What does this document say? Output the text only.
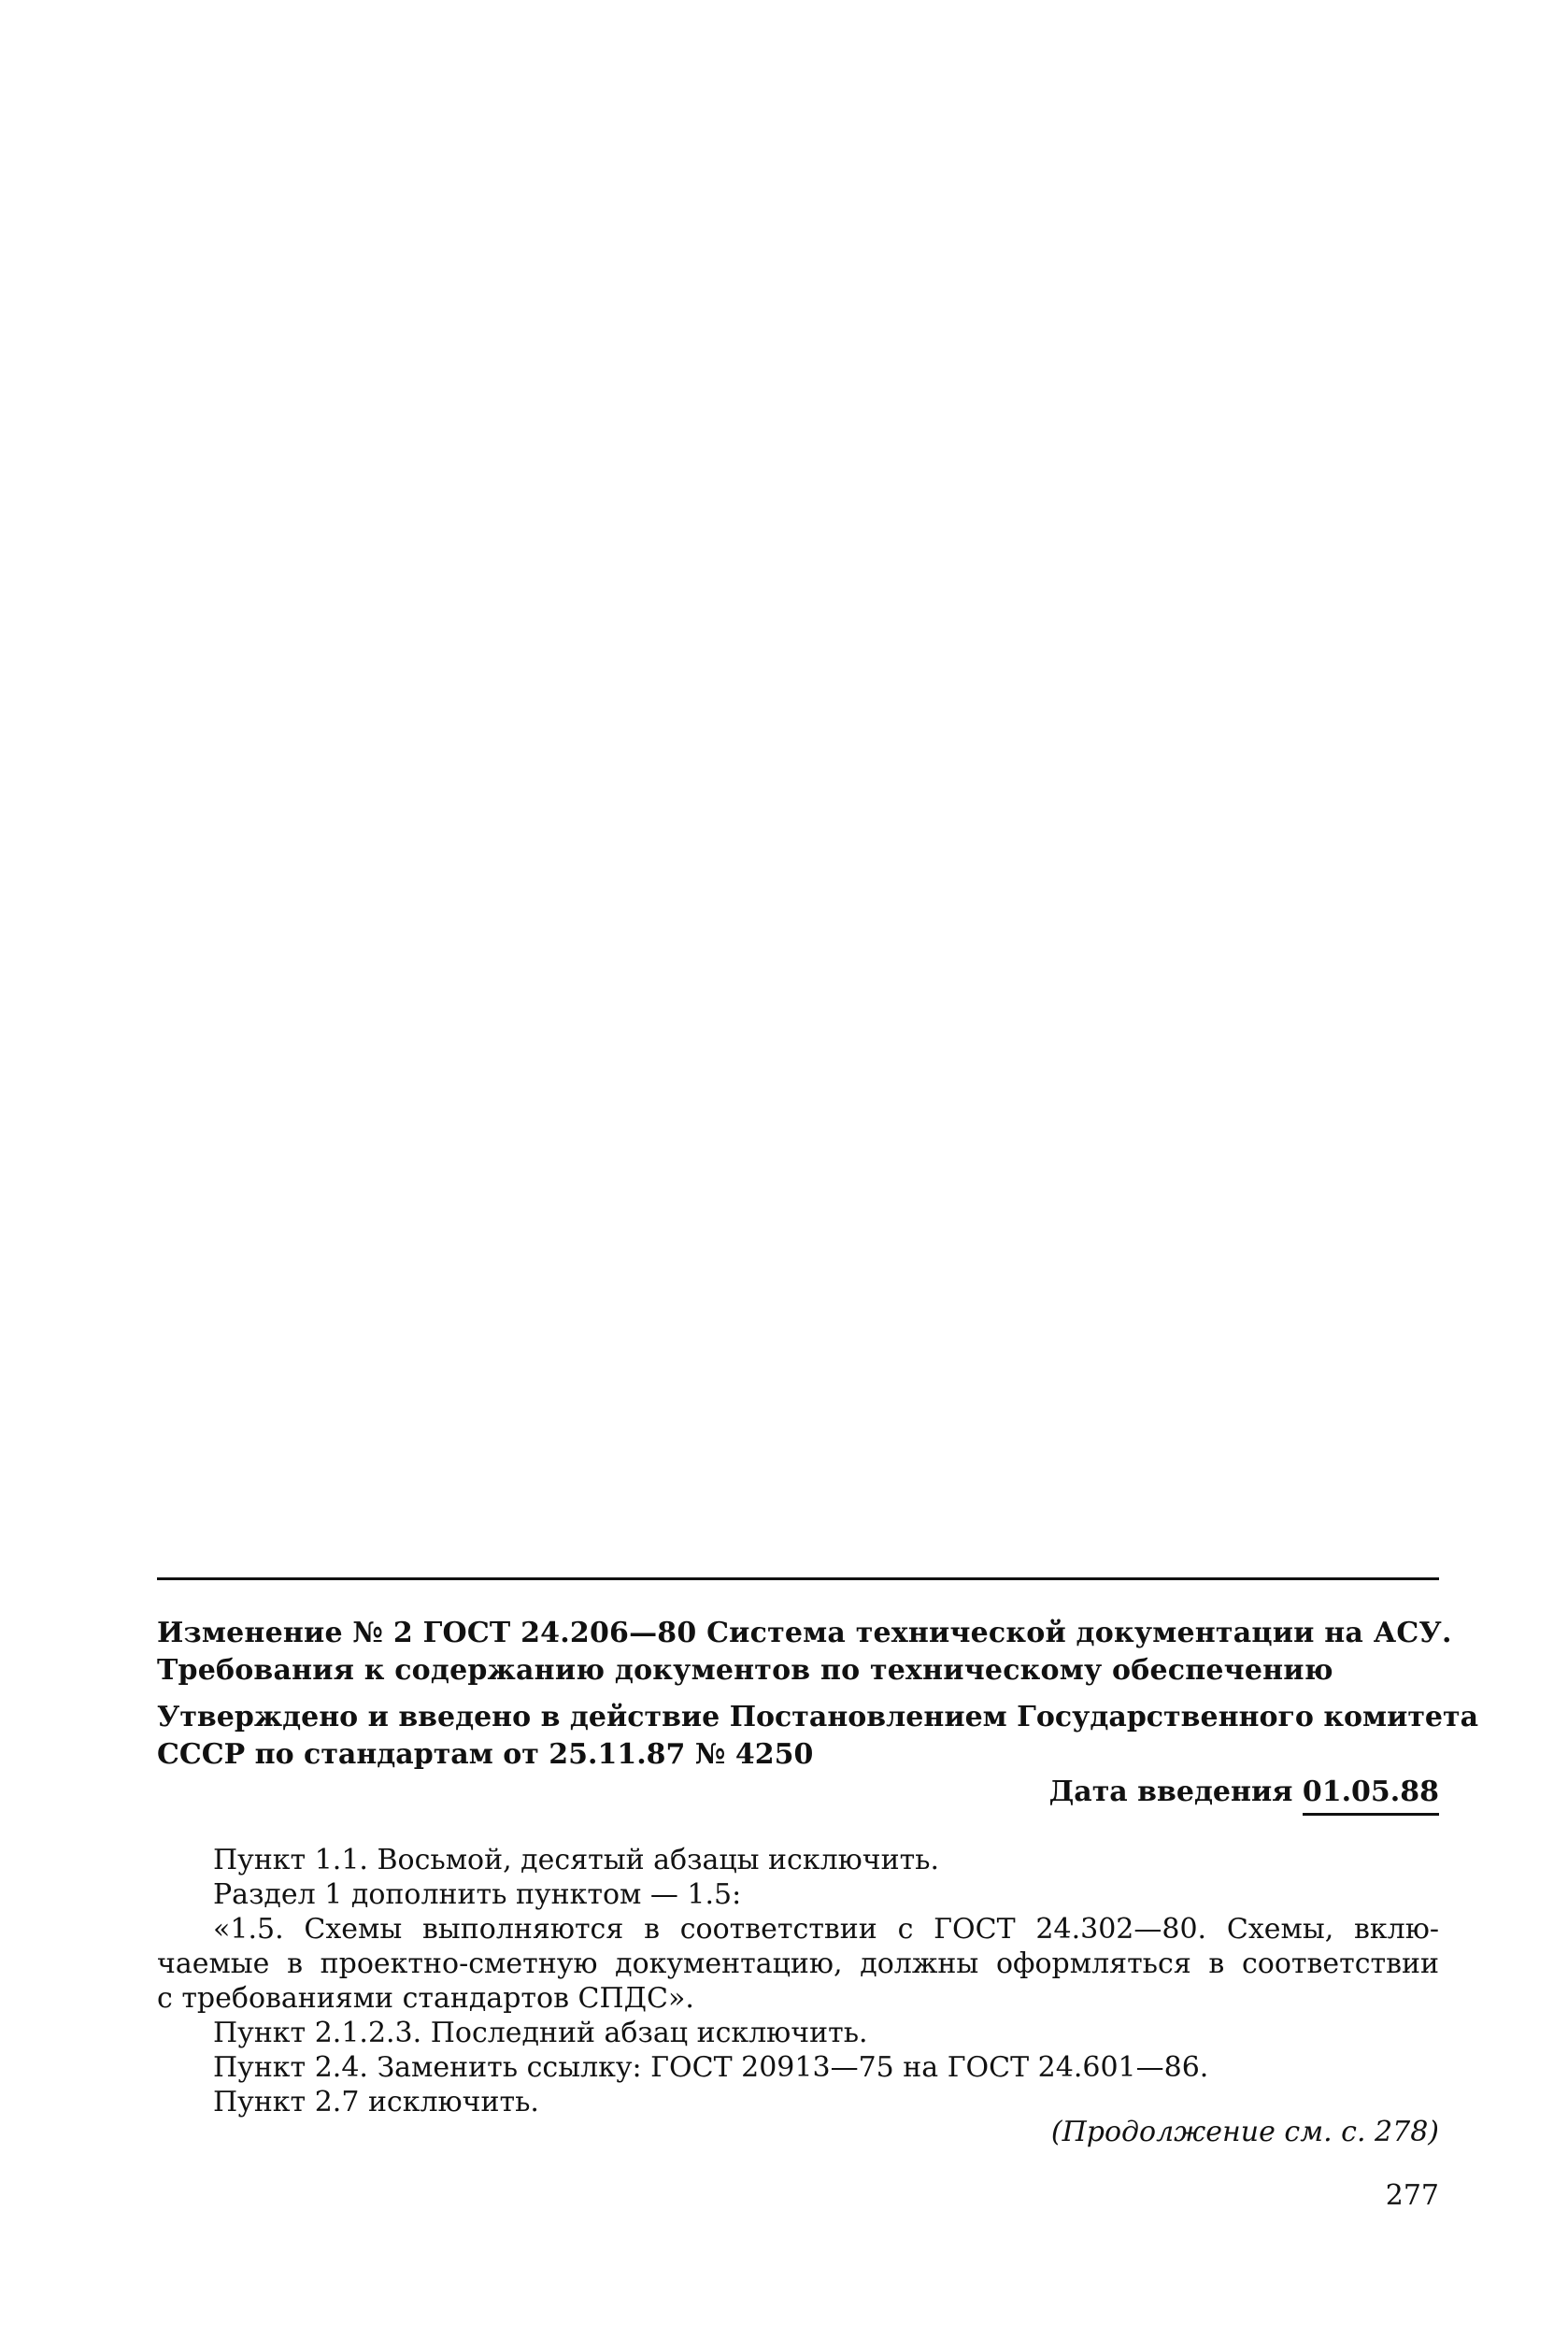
Изменение № 2 ГОСТ 24.206—80 Система технической документации на АСУ.
Требования к содержанию документов по техническому обеспечению
Утверждено и введено в действие Постановлением Государственного комитета
СССР по стандартам от 25.11.87 № 4250
Дата введения 01.05.88
Пункт 1.1. Восьмой, десятый абзацы исключить.
Раздел 1 дополнить пунктом — 1.5:
«1.5. Схемы выполняются в соответствии с ГОСТ 24.302—80. Схемы, вклю-
чаемые в проектно-сметную документацию, должны оформляться в соответствии
с требованиями стандартов СПДС».
Пункт 2.1.2.3. Последний абзац исключить.
Пункт 2.4. Заменить ссылку: ГОСТ 20913—75 на ГОСТ 24.601—86.
Пункт 2.7 исключить.
(Продолжение см. с. 278)
277
